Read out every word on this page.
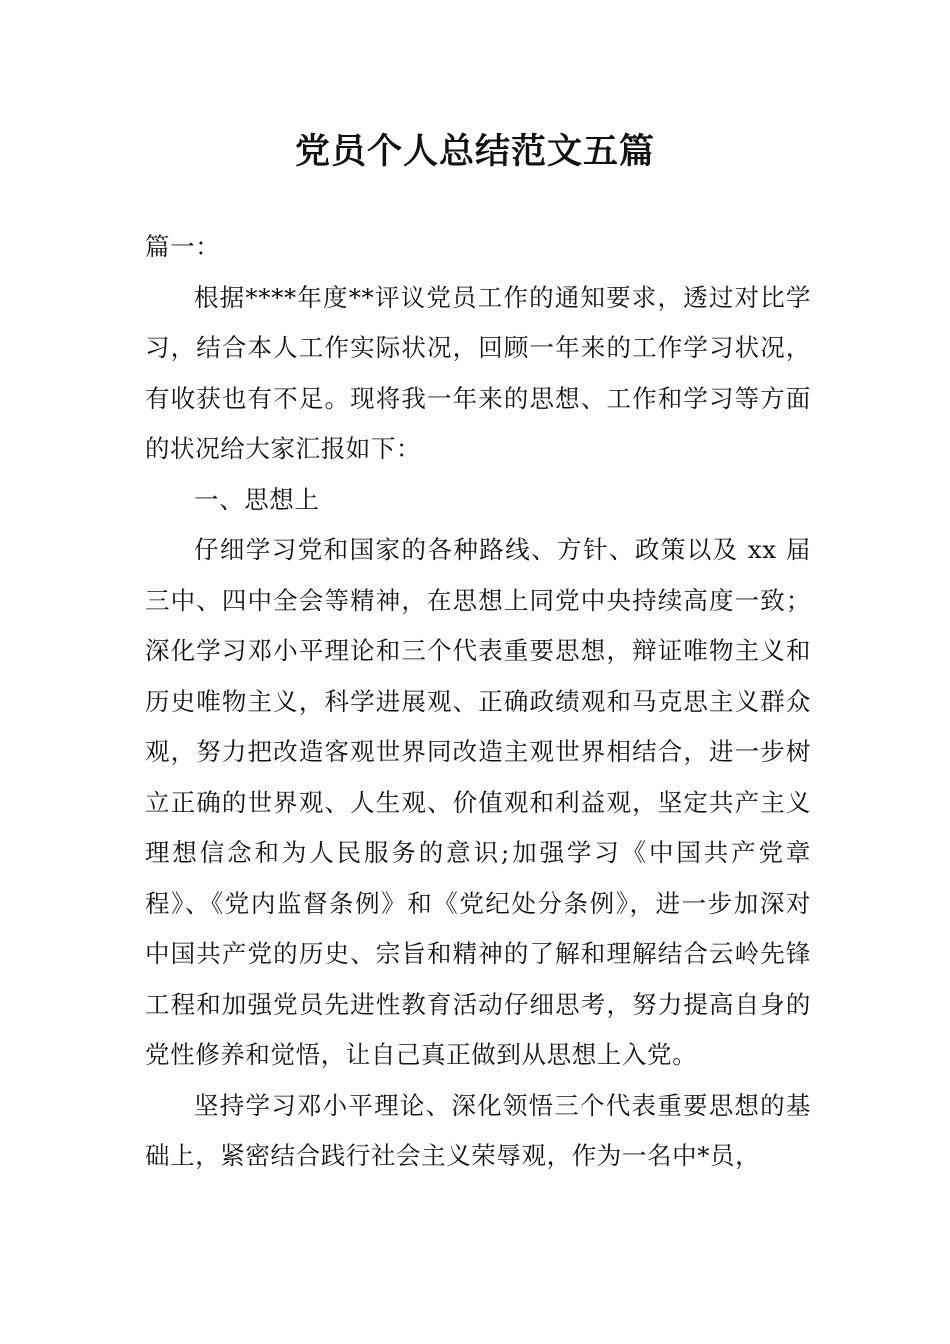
党员个人总结范文五篇

篇一：

根据****年度**评议党员工作的通知要求，透过对比学习，结合本人工作实际状况，回顾一年来的工作学习状况，有收获也有不足。现将我一年来的思想、工作和学习等方面的状况给大家汇报如下：

一、思想上

仔细学习党和国家的各种路线、方针、政策以及 xx 届三中、四中全会等精神，在思想上同党中央持续高度一致；深化学习邓小平理论和三个代表重要思想，辩证唯物主义和历史唯物主义，科学进展观、正确政绩观和马克思主义群众观，努力把改造客观世界同改造主观世界相结合，进一步树立正确的世界观、人生观、价值观和利益观，坚定共产主义理想信念和为人民服务的意识;加强学习《中国共产党章程》、《党内监督条例》和《党纪处分条例》，进一步加深对中国共产党的历史、宗旨和精神的了解和理解结合云岭先锋工程和加强党员先进性教育活动仔细思考，努力提高自身的党性修养和觉悟，让自己真正做到从思想上入党。

坚持学习邓小平理论、深化领悟三个代表重要思想的基础上，紧密结合践行社会主义荣辱观，作为一名中*员，
